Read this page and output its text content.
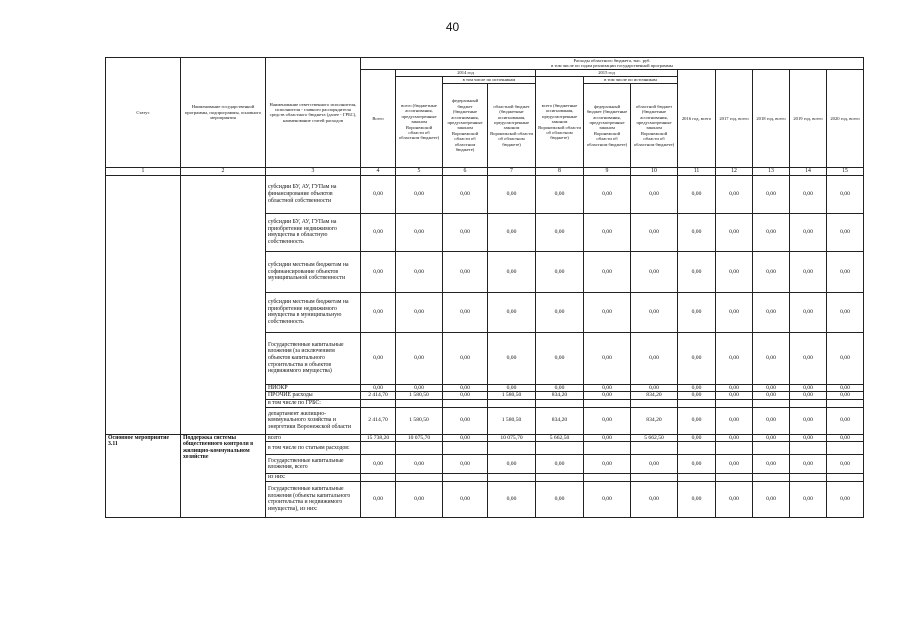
40
Статус	Наименование государственной программы, подпрограммы, основного мероприятия	Наименование ответственного исполнителя, исполнителя - главного распорядителя средств областного бюджета (далее - ГРБС), наименование статей расходов	Расходы областного бюджета, тыс. руб.
в том числе по годам реализации государственной программы											
			Всего	2014 год			2015 год			2016 год, всего	2017 год, всего	2018 год, всего	2019 год, всего	2020 год, всего
				всего (бюджетные ассигнования, предусмотренные законом Воронежской области об областном бюджете)	в том числе по источникам		всего (бюджетные ассигнования, предусмотренные законом Воронежской области об областном бюджете)	в том числе по источникам						
					федеральный бюджет (бюджетные ассигнования, предусмотренные законом Воронежской области об областном бюджете)	областной бюджет (бюджетные ассигнования, предусмотренные законом Воронежской области об областном бюджете)		федеральный бюджет (бюджетные ассигнования, предусмотренные законом Воронежской области об областном бюджете)	областной бюджет (бюджетные ассигнования, предусмотренные законом Воронежской области об областном бюджете)					
1	2	3	4	5	6	7	8	9	10	11	12	13	14	15
		субсидии БУ, АУ, ГУПам на финансирование объектов областной собственности	0,00	0,00	0,00	0,00	0,00	0,00	0,00	0,00	0,00	0,00	0,00	0,00
		субсидии БУ, АУ, ГУПам на приобретение недвижимого имущества в областную собственность	0,00	0,00	0,00	0,00	0,00	0,00	0,00	0,00	0,00	0,00	0,00	0,00
		субсидии местным бюджетам на софинансирование объектов муниципальной собственности	0,00	0,00	0,00	0,00	0,00	0,00	0,00	0,00	0,00	0,00	0,00	0,00
		субсидии местным бюджетам на приобретение недвижимого имущества в муниципальную собственность	0,00	0,00	0,00	0,00	0,00	0,00	0,00	0,00	0,00	0,00	0,00	0,00
		Государственные капитальные вложения (за исключением объектов капитального строительства и объектов недвижимого имущества)	0,00	0,00	0,00	0,00	0,00	0,00	0,00	0,00	0,00	0,00	0,00	0,00
		НИОКР	0,00	0,00	0,00	0,00	0,00	0,00	0,00	0,00	0,00	0,00	0,00	0,00
		ПРОЧИЕ расходы	2 414,70	1 580,50	0,00	1 580,50	834,20	0,00	834,20	0,00	0,00	0,00	0,00	0,00
		в том числе по ГРБС:												
		департамент жилищно-коммунального хозяйства и энергетики Воронежской области	2 414,70	1 580,50	0,00	1 580,50	834,20	0,00	834,20	0,00	0,00	0,00	0,00	0,00
Основное мероприятие 3.11	Поддержка системы общественного контроля в жилищно-коммунальном хозяйстве	всего	15 738,20	10 075,70	0,00	10 075,70	5 662,50	0,00	5 662,50	0,00	0,00	0,00	0,00	0,00
		в том числе по статьям расходов:												
		Государственные капитальные вложения, всего	0,00	0,00	0,00	0,00	0,00	0,00	0,00	0,00	0,00	0,00	0,00	0,00
		из них:												
		Государственные капитальные вложения (объекты капитального строительства и недвижимого имущества), из них:	0,00	0,00	0,00	0,00	0,00	0,00	0,00	0,00	0,00	0,00	0,00	0,00
